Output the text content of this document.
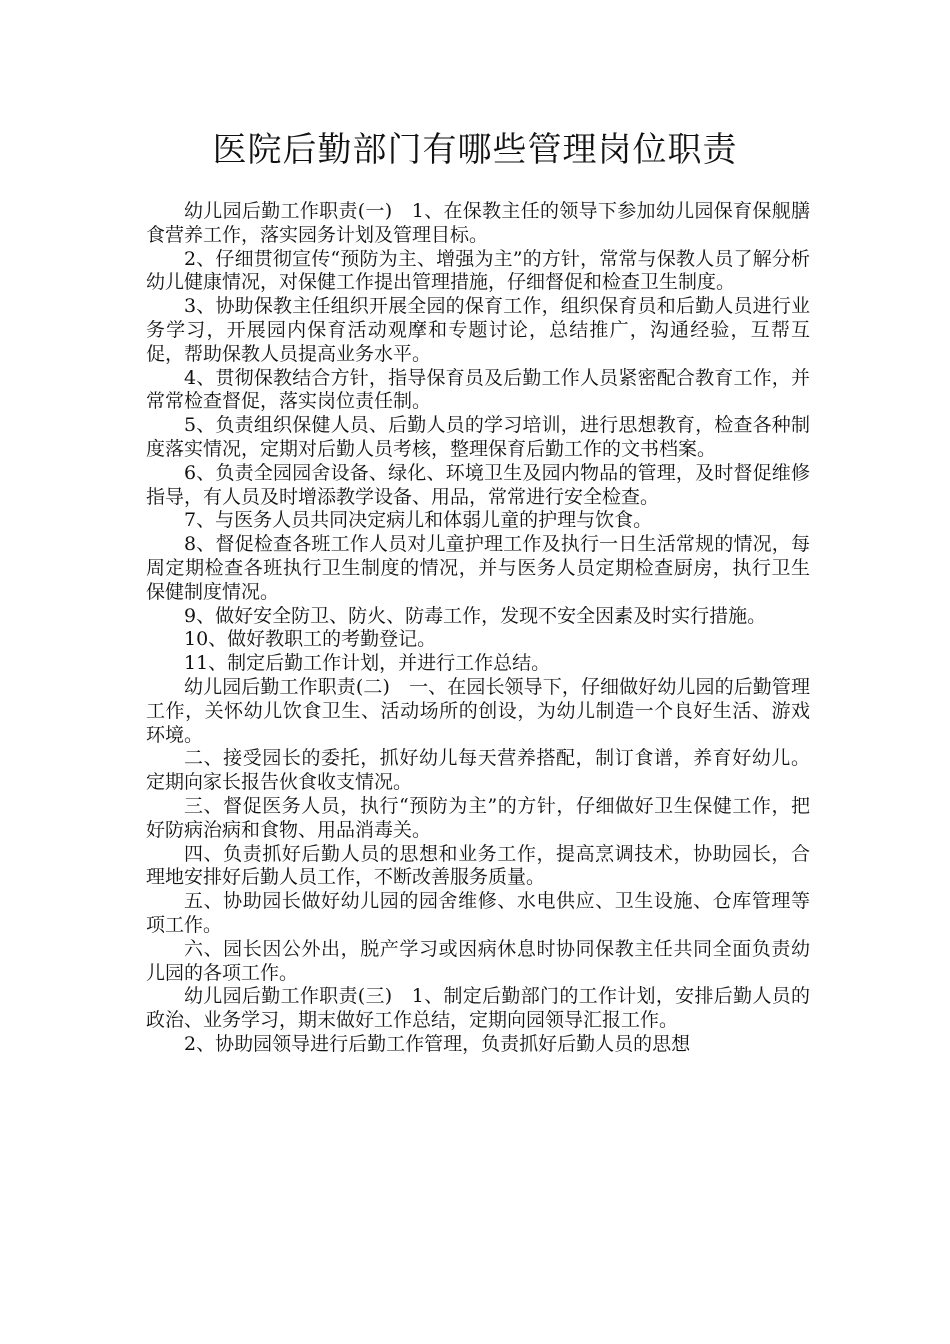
医院后勤部门有哪些管理岗位职责

幼儿园后勤工作职责(一)　1、在保教主任的领导下参加幼儿园保育保舰膳食营养工作，落实园务计划及管理目标。

2、仔细贯彻宣传“预防为主、增强为主”的方针，常常与保教人员了解分析幼儿健康情况，对保健工作提出管理措施，仔细督促和检查卫生制度。

3、协助保教主任组织开展全园的保育工作，组织保育员和后勤人员进行业务学习，开展园内保育活动观摩和专题讨论，总结推广，沟通经验，互帮互促，帮助保教人员提高业务水平。

4、贯彻保教结合方针，指导保育员及后勤工作人员紧密配合教育工作，并常常检查督促，落实岗位责任制。

5、负责组织保健人员、后勤人员的学习培训，进行思想教育，检查各种制度落实情况，定期对后勤人员考核，整理保育后勤工作的文书档案。

6、负责全园园舍设备、绿化、环境卫生及园内物品的管理，及时督促维修指导，有人员及时增添教学设备、用品，常常进行安全检查。

7、与医务人员共同决定病儿和体弱儿童的护理与饮食。

8、督促检查各班工作人员对儿童护理工作及执行一日生活常规的情况，每周定期检查各班执行卫生制度的情况，并与医务人员定期检查厨房，执行卫生保健制度情况。

9、做好安全防卫、防火、防毒工作，发现不安全因素及时实行措施。

10、做好教职工的考勤登记。

11、制定后勤工作计划，并进行工作总结。

幼儿园后勤工作职责(二)　一、在园长领导下，仔细做好幼儿园的后勤管理工作，关怀幼儿饮食卫生、活动场所的创设，为幼儿制造一个良好生活、游戏环境。

二、接受园长的委托，抓好幼儿每天营养搭配，制订食谱，养育好幼儿。定期向家长报告伙食收支情况。

三、督促医务人员，执行“预防为主”的方针，仔细做好卫生保健工作，把好防病治病和食物、用品消毒关。

四、负责抓好后勤人员的思想和业务工作，提高烹调技术，协助园长，合理地安排好后勤人员工作，不断改善服务质量。

五、协助园长做好幼儿园的园舍维修、水电供应、卫生设施、仓库管理等项工作。

六、园长因公外出，脱产学习或因病休息时协同保教主任共同全面负责幼儿园的各项工作。

幼儿园后勤工作职责(三)　1、制定后勤部门的工作计划，安排后勤人员的政治、业务学习，期末做好工作总结，定期向园领导汇报工作。

2、协助园领导进行后勤工作管理，负责抓好后勤人员的思想
